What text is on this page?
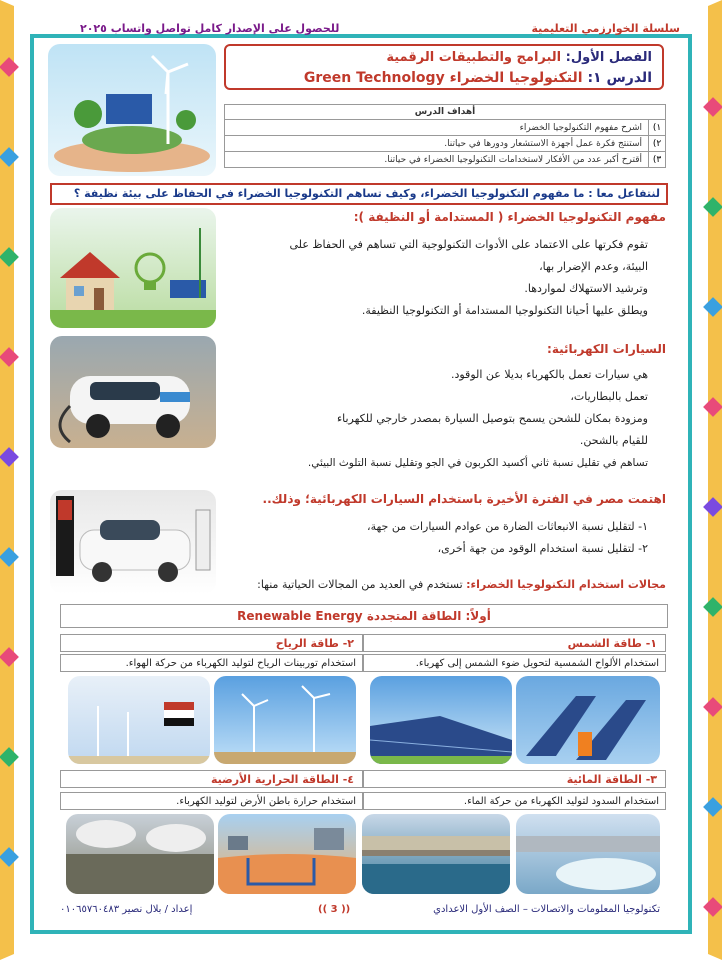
سلسلة الخوارزمي التعليمية
للحصول على الإصدار كامل تواصل واتساب ٢٠٢٥
الفصل الأول: البرامج والتطبيقات الرقمية
الدرس ١: التكنولوجيا الخضراء Green Technology
أهداف الدرس
١)
اشرح مفهوم التكنولوجيا الخضراء
٢)
أستنتج فكرة عمل أجهزة الاستشعار ودورها في حياتنا.
٣)
أقترح أكبر عدد من الأفكار لاستخدامات التكنولوجيا الخضراء في حياتنا.
لنتفاعل معا : ما مفهوم التكنولوجيا الخضراء، وكيف تساهم التكنولوجيا الخضراء في الحفاظ على بيئة نظيفة ؟
مفهوم التكنولوجيا الخضراء ( المستدامة أو النظيفة ):

تقوم فكرتها على الاعتماد على الأدوات التكنولوجية التي تساهم في الحفاظ على

البيئة، وعدم الإضرار بها،

وترشيد الاستهلاك لمواردها.

ويطلق عليها أحيانا التكنولوجيا المستدامة أو التكنولوجيا النظيفة.

السيارات الكهربائية:

هي سيارات تعمل بالكهرباء بديلا عن الوقود.

تعمل بالبطاريات،

ومزودة بمكان للشحن يسمح بتوصيل السيارة بمصدر خارجي للكهرباء

للقيام بالشحن.

تساهم في تقليل نسبة ثاني أكسيد الكربون في الجو وتقليل نسبة التلوث البيئي.

اهتمت مصر في الفترة الأخيرة باستخدام السيارات الكهربائية؛ وذلك..

١- لتقليل نسبة الانبعاثات الضارة من عوادم السيارات من جهة،

٢- لتقليل نسبة استخدام الوقود من جهة أخرى،

مجالات استخدام التكنولوجيا الخضراء: تستخدم في العديد من المجالات الحياتية منها:
أولاً: الطاقة المتجددة Renewable Energy
١- طاقة الشمس
٢- طاقة الرياح
استخدام الألواح الشمسية لتحويل ضوء الشمس إلى كهرباء.
استخدام توربينات الرياح لتوليد الكهرباء من حركة الهواء.
٣- الطاقة المائية
٤- الطاقة الحرارية الأرضية
استخدام السدود لتوليد الكهرباء من حركة الماء.
استخدام حرارة باطن الأرض لتوليد الكهرباء.
تكنولوجيا المعلومات والاتصالات – الصف الأول الاعدادي
(( 3 ))
إعداد / بلال نصير ٠١٠٦٥٧٦٠٤٨٣
